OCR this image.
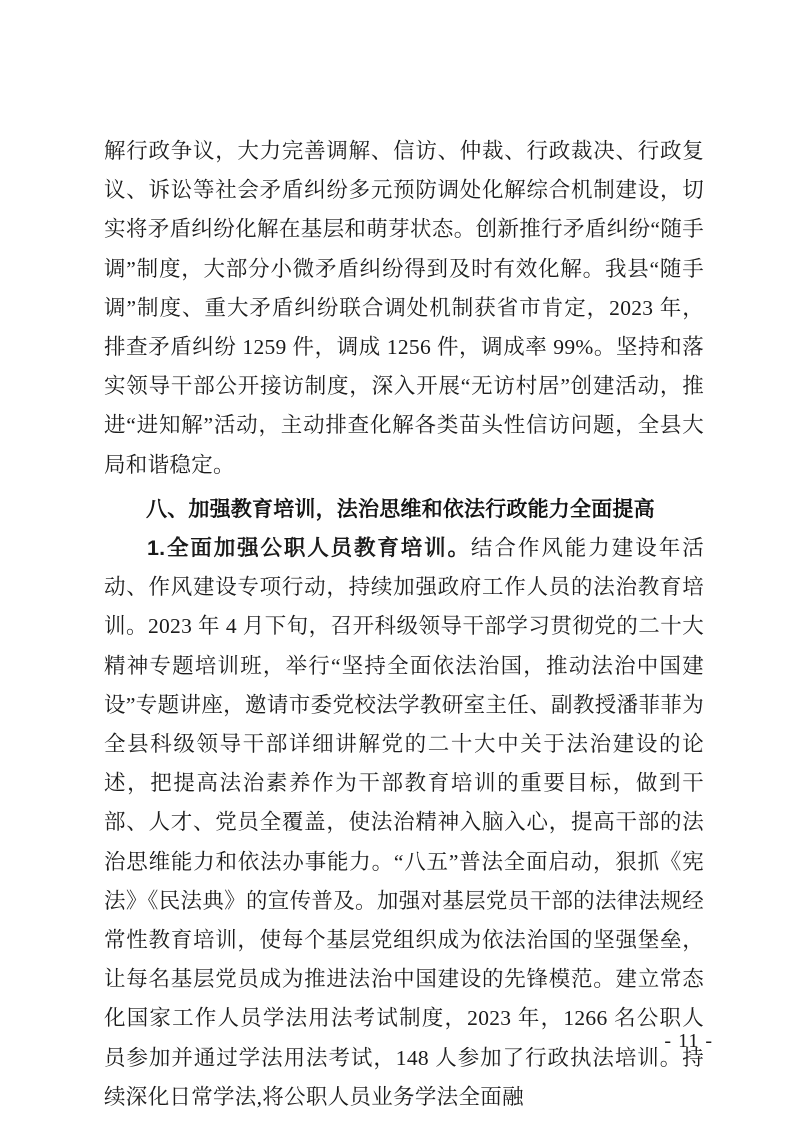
解行政争议，大力完善调解、信访、仲裁、行政裁决、行政复议、诉讼等社会矛盾纠纷多元预防调处化解综合机制建设，切实将矛盾纠纷化解在基层和萌芽状态。创新推行矛盾纠纷“随手调”制度，大部分小微矛盾纠纷得到及时有效化解。我县“随手调”制度、重大矛盾纠纷联合调处机制获省市肯定，2023 年，排查矛盾纠纷 1259 件，调成 1256 件，调成率 99%。坚持和落实领导干部公开接访制度，深入开展“无访村居”创建活动，推进“进知解”活动，主动排查化解各类苗头性信访问题，全县大局和谐稳定。

八、加强教育培训，法治思维和依法行政能力全面提高

1.全面加强公职人员教育培训。结合作风能力建设年活动、作风建设专项行动，持续加强政府工作人员的法治教育培训。2023 年 4 月下旬，召开科级领导干部学习贯彻党的二十大精神专题培训班，举行“坚持全面依法治国，推动法治中国建设”专题讲座，邀请市委党校法学教研室主任、副教授潘菲菲为全县科级领导干部详细讲解党的二十大中关于法治建设的论述，把提高法治素养作为干部教育培训的重要目标，做到干部、人才、党员全覆盖，使法治精神入脑入心，提高干部的法治思维能力和依法办事能力。“八五”普法全面启动，狠抓《宪法》《民法典》的宣传普及。加强对基层党员干部的法律法规经常性教育培训，使每个基层党组织成为依法治国的坚强堡垒，让每名基层党员成为推进法治中国建设的先锋模范。建立常态化国家工作人员学法用法考试制度，2023 年，1266 名公职人员参加并通过学法用法考试，148 人参加了行政执法培训。持续深化日常学法,将公职人员业务学法全面融

- 11 -
